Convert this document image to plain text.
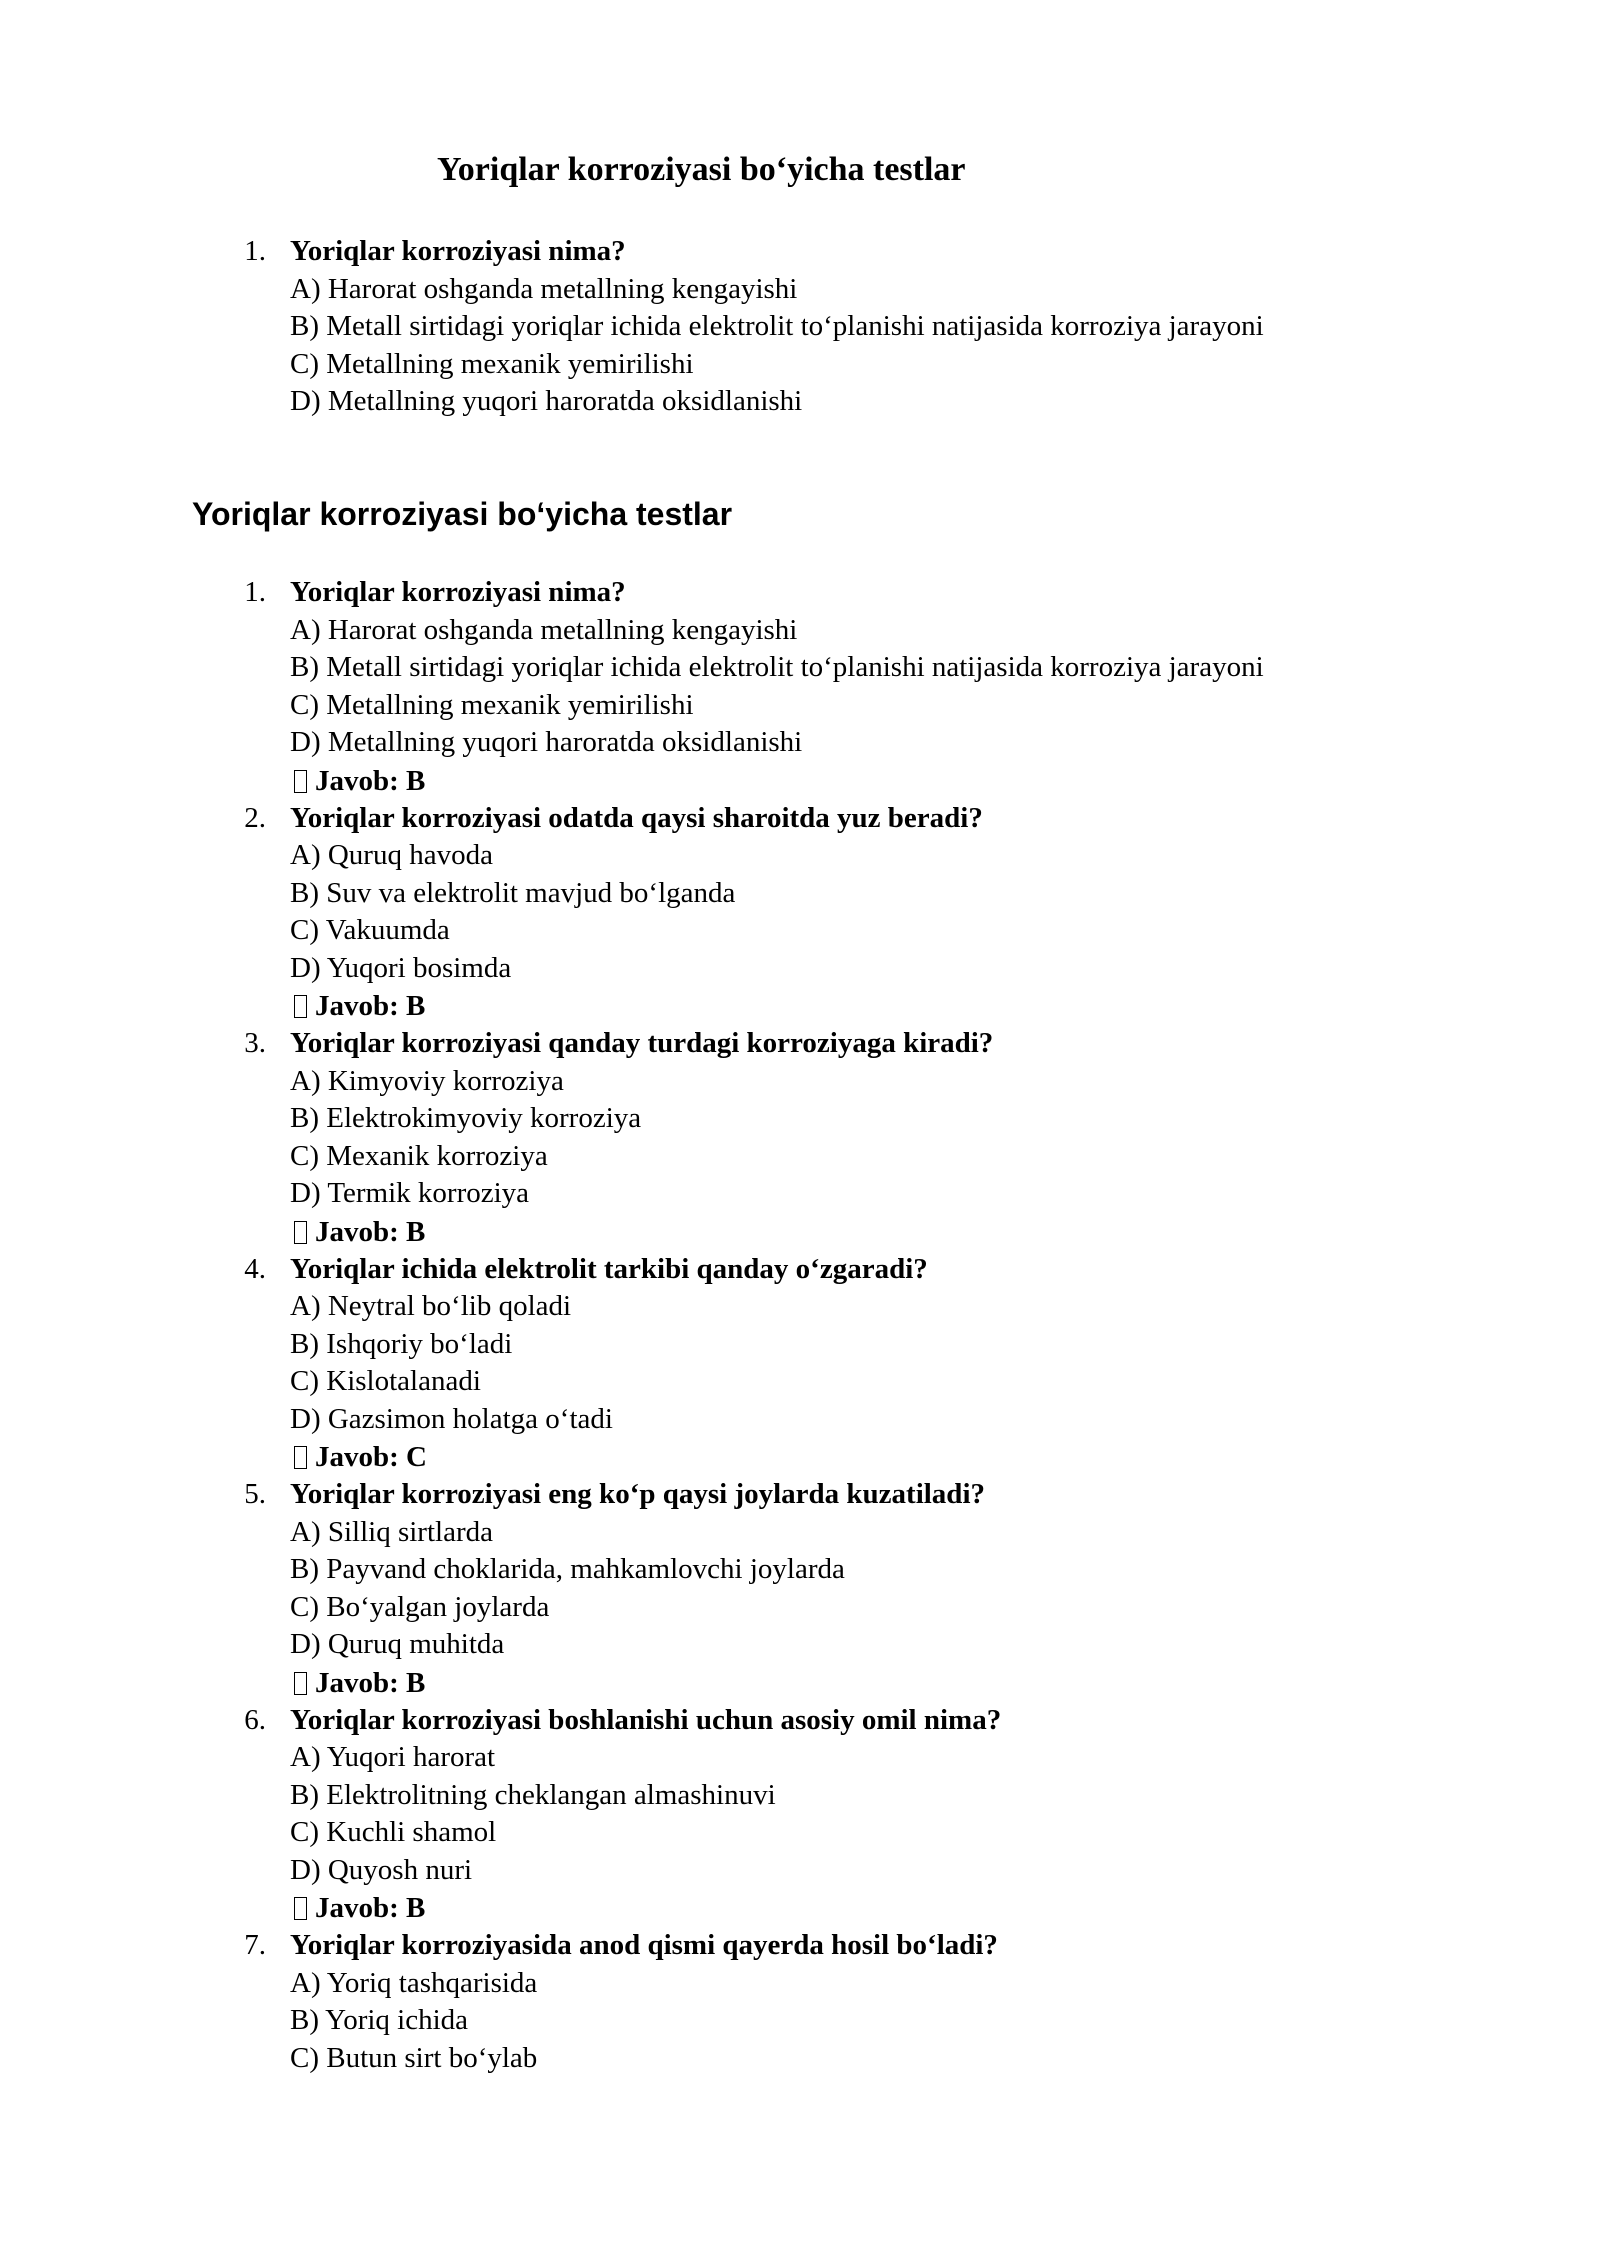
Yoriqlar korroziyasi bo‘yicha testlar
1. Yoriqlar korroziyasi nima?
A) Harorat oshganda metallning kengayishi
B) Metall sirtidagi yoriqlar ichida elektrolit to‘planishi natijasida korroziya jarayoni
C) Metallning mexanik yemirilishi
D) Metallning yuqori haroratda oksidlanishi
Yoriqlar korroziyasi bo‘yicha testlar
1. Yoriqlar korroziyasi nima?
A) Harorat oshganda metallning kengayishi
B) Metall sirtidagi yoriqlar ichida elektrolit to‘planishi natijasida korroziya jarayoni
C) Metallning mexanik yemirilishi
D) Metallning yuqori haroratda oksidlanishi
Javob: B
2. Yoriqlar korroziyasi odatda qaysi sharoitda yuz beradi?
A) Quruq havoda
B) Suv va elektrolit mavjud bo‘lganda
C) Vakuumda
D) Yuqori bosimda
Javob: B
3. Yoriqlar korroziyasi qanday turdagi korroziyaga kiradi?
A) Kimyoviy korroziya
B) Elektrokimyoviy korroziya
C) Mexanik korroziya
D) Termik korroziya
Javob: B
4. Yoriqlar ichida elektrolit tarkibi qanday o‘zgaradi?
A) Neytral bo‘lib qoladi
B) Ishqoriy bo‘ladi
C) Kislotalanadi
D) Gazsimon holatga o‘tadi
Javob: C
5. Yoriqlar korroziyasi eng ko‘p qaysi joylarda kuzatiladi?
A) Silliq sirtlarda
B) Payvand choklarida, mahkamlovchi joylarda
C) Bo‘yalgan joylarda
D) Quruq muhitda
Javob: B
6. Yoriqlar korroziyasi boshlanishi uchun asosiy omil nima?
A) Yuqori harorat
B) Elektrolitning cheklangan almashinuvi
C) Kuchli shamol
D) Quyosh nuri
Javob: B
7. Yoriqlar korroziyasida anod qismi qayerda hosil bo‘ladi?
A) Yoriq tashqarisida
B) Yoriq ichida
C) Butun sirt bo‘ylab
